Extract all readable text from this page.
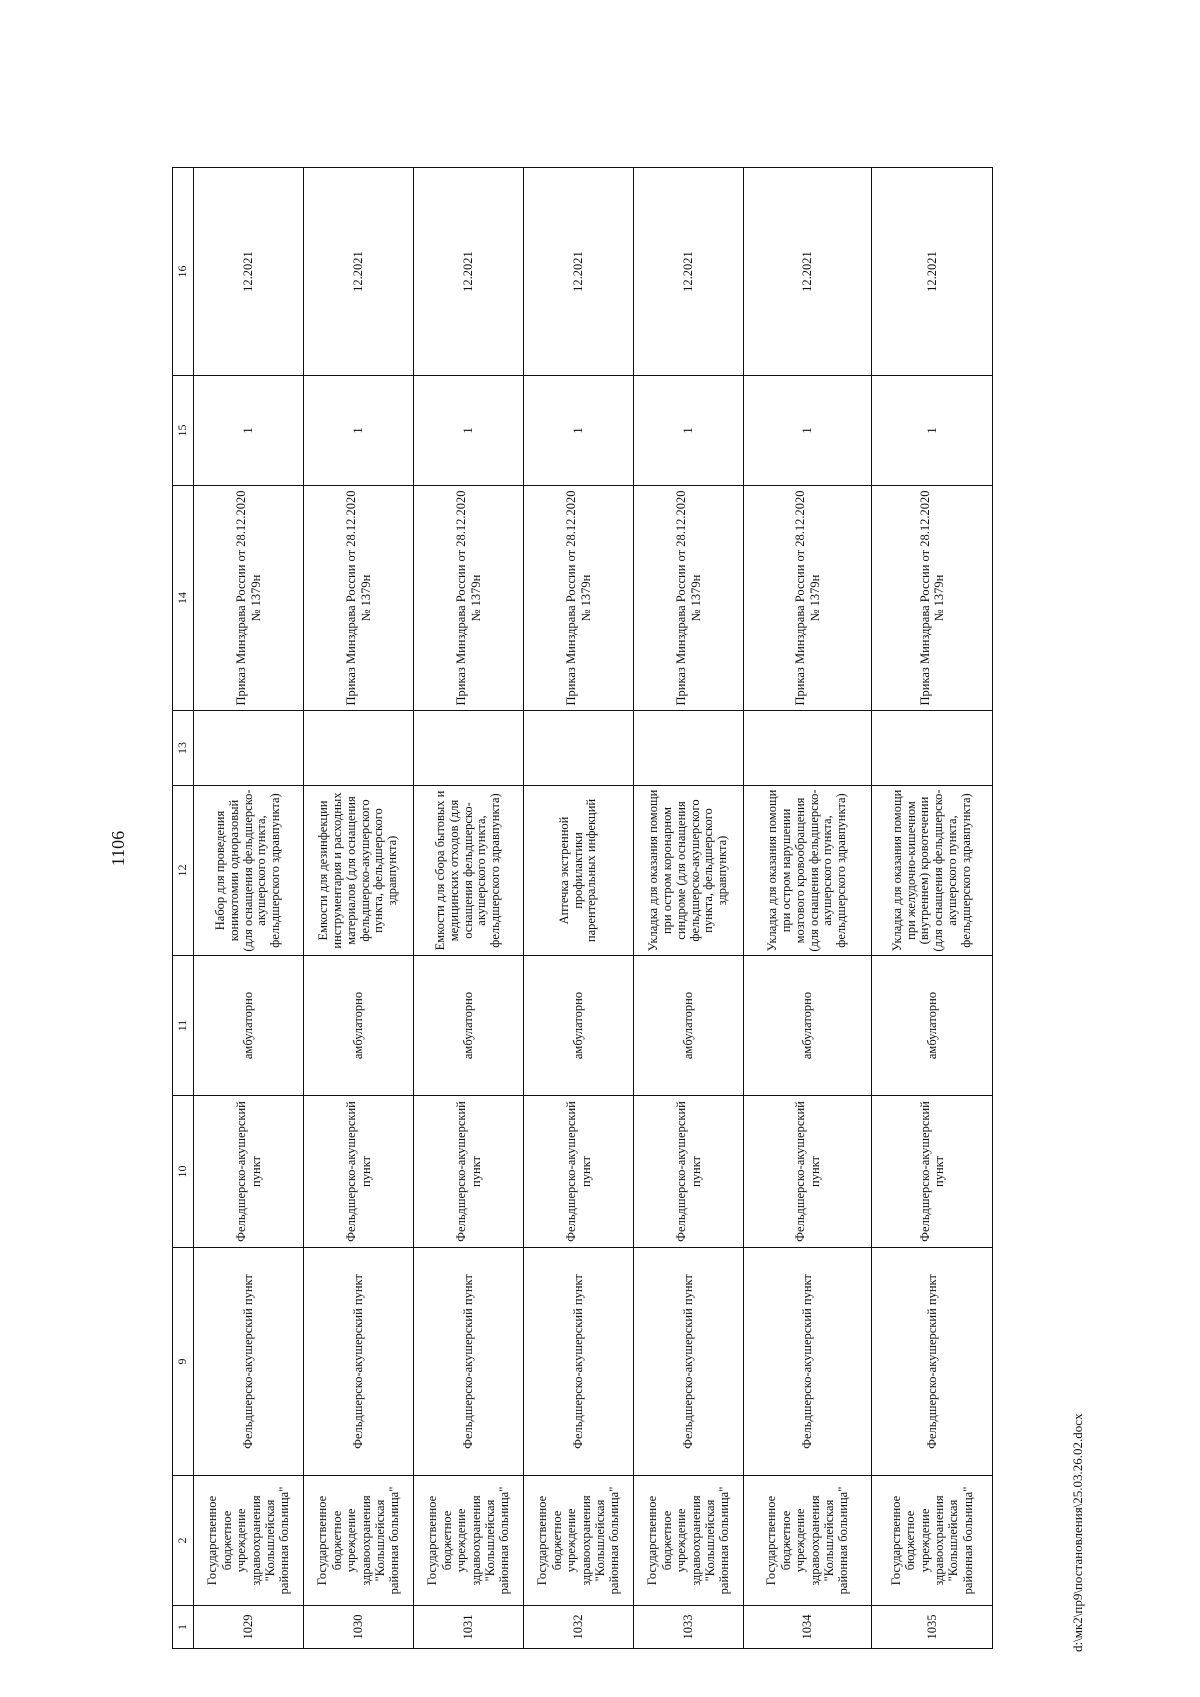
1106
1	2	9	10	11	12	13	14	15	16
1029	Государственное бюджетное учреждение здравоохранения "Кольшлейская районная больница"	Фельдшерско-акушерский пункт	Фельдшерско-акушерский пункт	амбулаторно	Набор для проведения коникотомии одноразовый (для оснащения фельдшерско-акушерского пункта, фельдшерского здравпункта)		Приказ Минздрава России от 28.12.2020 № 1379н	1	12.2021
1030	Государственное бюджетное учреждение здравоохранения "Кольшлейская районная больница"	Фельдшерско-акушерский пункт	Фельдшерско-акушерский пункт	амбулаторно	Емкости для дезинфекции инструментария и расходных материалов (для оснащения фельдшерско-акушерского пункта, фельдшерского здравпункта)		Приказ Минздрава России от 28.12.2020 № 1379н	1	12.2021
1031	Государственное бюджетное учреждение здравоохранения "Кольшлейская районная больница"	Фельдшерско-акушерский пункт	Фельдшерско-акушерский пункт	амбулаторно	Емкости для сбора бытовых и медицинских отходов (для оснащения фельдшерско-акушерского пункта, фельдшерского здравпункта)		Приказ Минздрава России от 28.12.2020 № 1379н	1	12.2021
1032	Государственное бюджетное учреждение здравоохранения "Кольшлейская районная больница"	Фельдшерско-акушерский пункт	Фельдшерско-акушерский пункт	амбулаторно	Аптечка экстренной профилактики парентеральных инфекций		Приказ Минздрава России от 28.12.2020 № 1379н	1	12.2021
1033	Государственное бюджетное учреждение здравоохранения "Кольшлейская районная больница"	Фельдшерско-акушерский пункт	Фельдшерско-акушерский пункт	амбулаторно	Укладка для оказания помощи при остром коронарном синдроме (для оснащения фельдшерско-акушерского пункта, фельдшерского здравпункта)		Приказ Минздрава России от 28.12.2020 № 1379н	1	12.2021
1034	Государственное бюджетное учреждение здравоохранения "Кольшлейская районная больница"	Фельдшерско-акушерский пункт	Фельдшерско-акушерский пункт	амбулаторно	Укладка для оказания помощи при остром нарушении мозгового кровообращения (для оснащения фельдшерско-акушерского пункта, фельдшерского здравпункта)		Приказ Минздрава России от 28.12.2020 № 1379н	1	12.2021
1035	Государственное бюджетное учреждение здравоохранения "Кольшлейская районная больница"	Фельдшерско-акушерский пункт	Фельдшерско-акушерский пункт	амбулаторно	Укладка для оказания помощи при желудочно-кишечном (внутреннем) кровотечении (для оснащения фельдшерско-акушерского пункта, фельдшерского здравпункта)		Приказ Минздрава России от 28.12.2020 № 1379н	1	12.2021
d:\мк2\пр9\постановления\25.03.26.02.docx
